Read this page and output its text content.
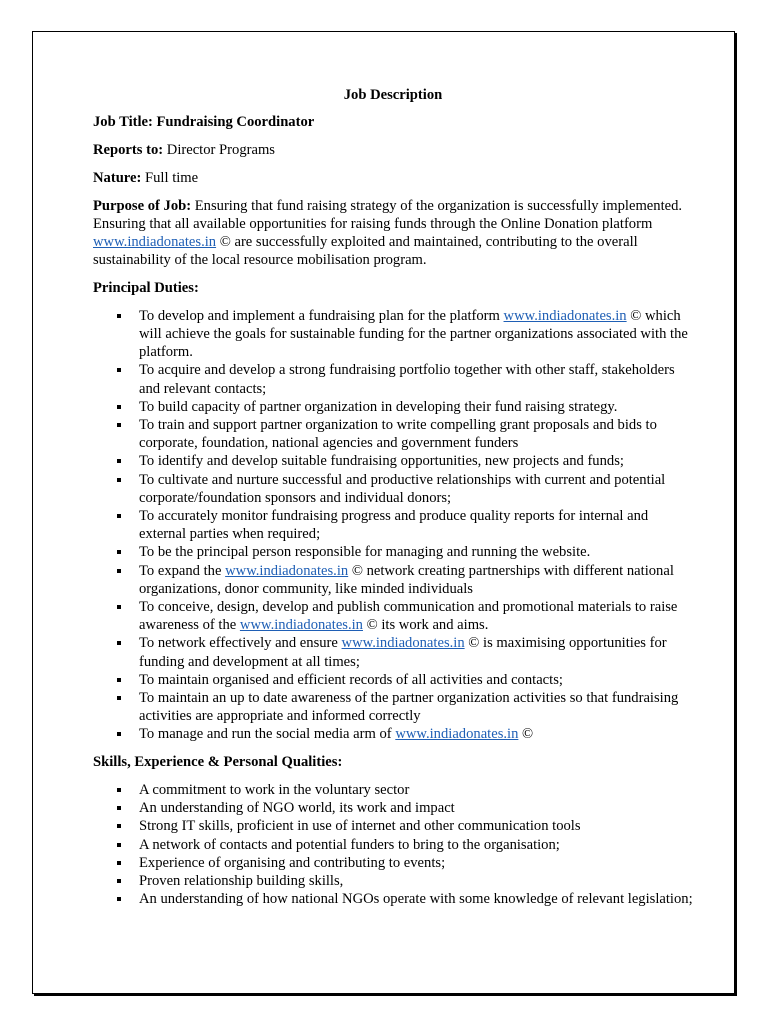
Job Description

Job Title: Fundraising Coordinator

Reports to: Director Programs

Nature: Full time

Purpose of Job: Ensuring that fund raising strategy of the organization is successfully implemented. Ensuring that all available opportunities for raising funds through the Online Donation platform www.indiadonates.in © are successfully exploited and maintained, contributing to the overall sustainability of the local resource mobilisation program.

Principal Duties:
To develop and implement a fundraising plan for the platform www.indiadonates.in © which will achieve the goals for sustainable funding for the partner organizations associated with the platform.
To acquire and develop a strong fundraising portfolio together with other staff, stakeholders and relevant contacts;
To build capacity of partner organization in developing their fund raising strategy.
To train and support partner organization to write compelling grant proposals and bids to corporate, foundation, national agencies and government funders
To identify and develop suitable fundraising opportunities, new projects and funds;
To cultivate and nurture successful and productive relationships with current and potential corporate/foundation sponsors and individual donors;
To accurately monitor fundraising progress and produce quality reports for internal and external parties when required;
To be the principal person responsible for managing and running the website.
To expand the www.indiadonates.in © network creating partnerships with different national organizations, donor community, like minded individuals
To conceive, design, develop and publish communication and promotional materials to raise awareness of the www.indiadonates.in © its work and aims.
To network effectively and ensure www.indiadonates.in © is maximising opportunities for funding and development at all times;
To maintain organised and efficient records of all activities and contacts;
To maintain an up to date awareness of the partner organization activities so that fundraising activities are appropriate and informed correctly
To manage and run the social media arm of www.indiadonates.in ©
Skills, Experience & Personal Qualities:
A commitment to work in the voluntary sector
An understanding of NGO world, its work and impact
Strong IT skills, proficient in use of internet and other communication tools
A network of contacts and potential funders to bring to the organisation;
Experience of organising and contributing to events;
Proven relationship building skills,
An understanding of how national NGOs operate with some knowledge of relevant legislation;
